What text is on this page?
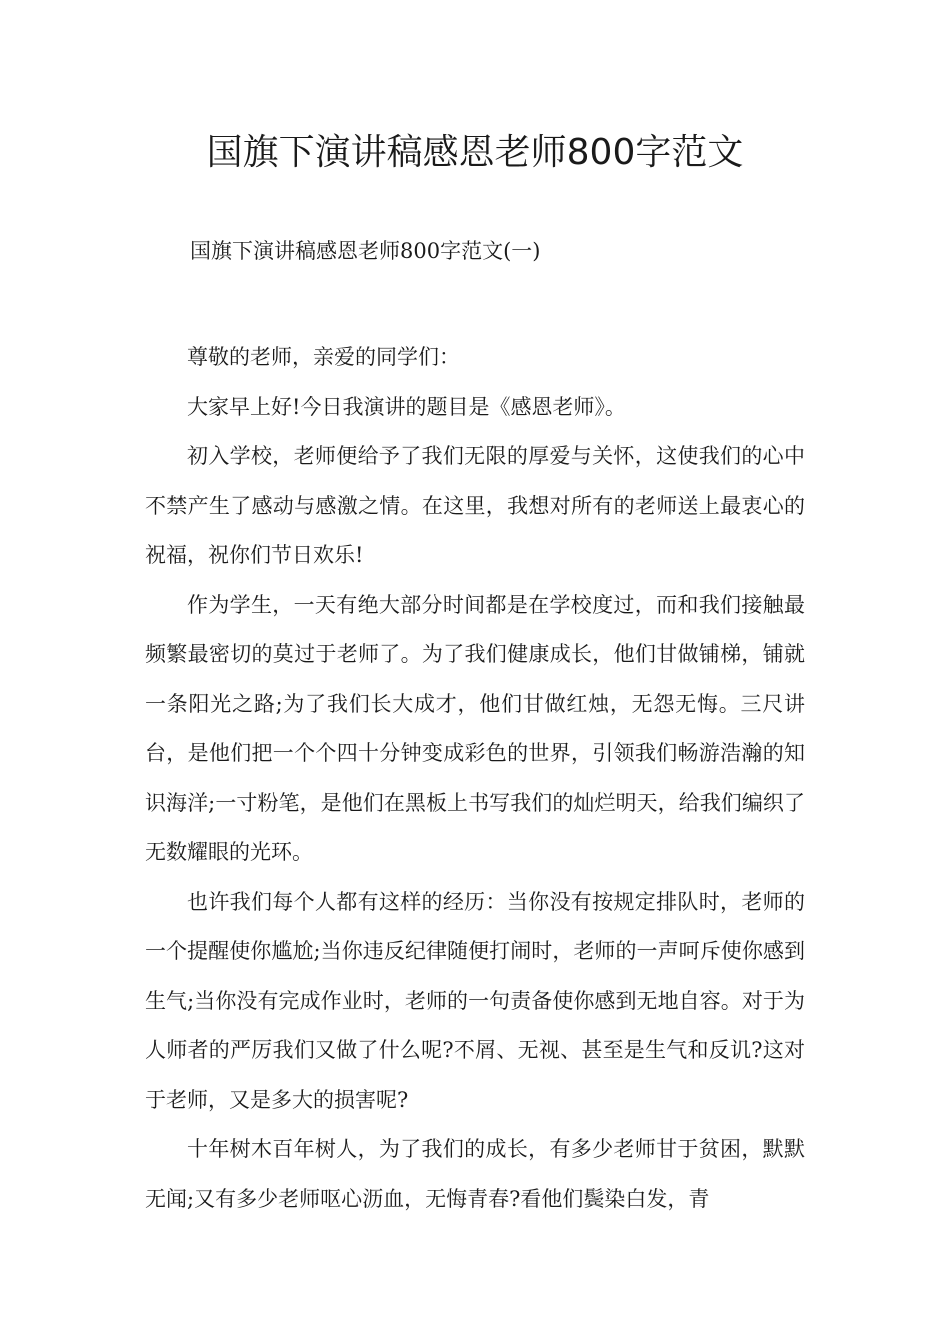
国旗下演讲稿感恩老师800字范文

国旗下演讲稿感恩老师800字范文(一)

尊敬的老师，亲爱的同学们：

大家早上好!今日我演讲的题目是《感恩老师》。

初入学校，老师便给予了我们无限的厚爱与关怀，这使我们的心中不禁产生了感动与感激之情。在这里，我想对所有的老师送上最衷心的祝福，祝你们节日欢乐!

作为学生，一天有绝大部分时间都是在学校度过，而和我们接触最频繁最密切的莫过于老师了。为了我们健康成长，他们甘做铺梯，铺就一条阳光之路;为了我们长大成才，他们甘做红烛，无怨无悔。三尺讲台，是他们把一个个四十分钟变成彩色的世界，引领我们畅游浩瀚的知识海洋;一寸粉笔，是他们在黑板上书写我们的灿烂明天，给我们编织了无数耀眼的光环。

也许我们每个人都有这样的经历：当你没有按规定排队时，老师的一个提醒使你尴尬;当你违反纪律随便打闹时，老师的一声呵斥使你感到生气;当你没有完成作业时，老师的一句责备使你感到无地自容。对于为人师者的严厉我们又做了什么呢?不屑、无视、甚至是生气和反讥?这对于老师，又是多大的损害呢?

十年树木百年树人，为了我们的成长，有多少老师甘于贫困，默默无闻;又有多少老师呕心沥血，无悔青春?看他们鬓染白发，青
